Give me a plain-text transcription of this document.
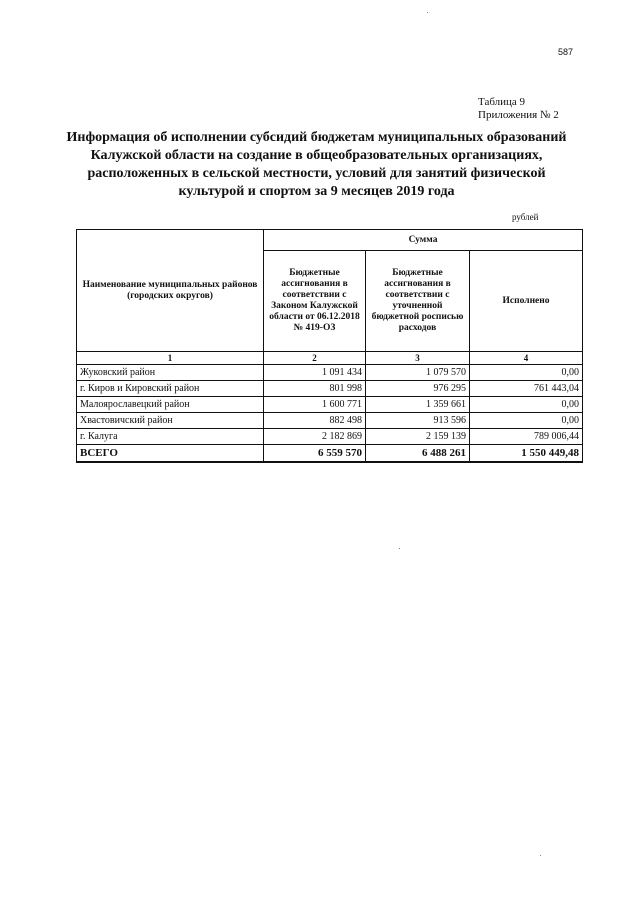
587
Таблица 9
Приложения № 2
Информация об исполнении субсидий бюджетам муниципальных образований
Калужской области на создание в общеобразовательных организациях,
расположенных в сельской местности, условий для занятий физической
культурой и спортом за 9 месяцев 2019 года
рублей
Наименование муниципальных районов (городских округов)	Сумма		
	Бюджетные ассигнования в соответствии с Законом Калужской области от 06.12.2018 № 419-ОЗ	Бюджетные ассигнования в соответствии с уточненной бюджетной росписью расходов	Исполнено
1	2	3	4
Жуковский район	1 091 434	1 079 570	0,00
г. Киров и Кировский район	801 998	976 295	761 443,04
Малоярославецкий район	1 600 771	1 359 661	0,00
Хвастовичский район	882 498	913 596	0,00
г. Калуга	2 182 869	2 159 139	789 006,44
ВСЕГО	6 559 570	6 488 261	1 550 449,48
